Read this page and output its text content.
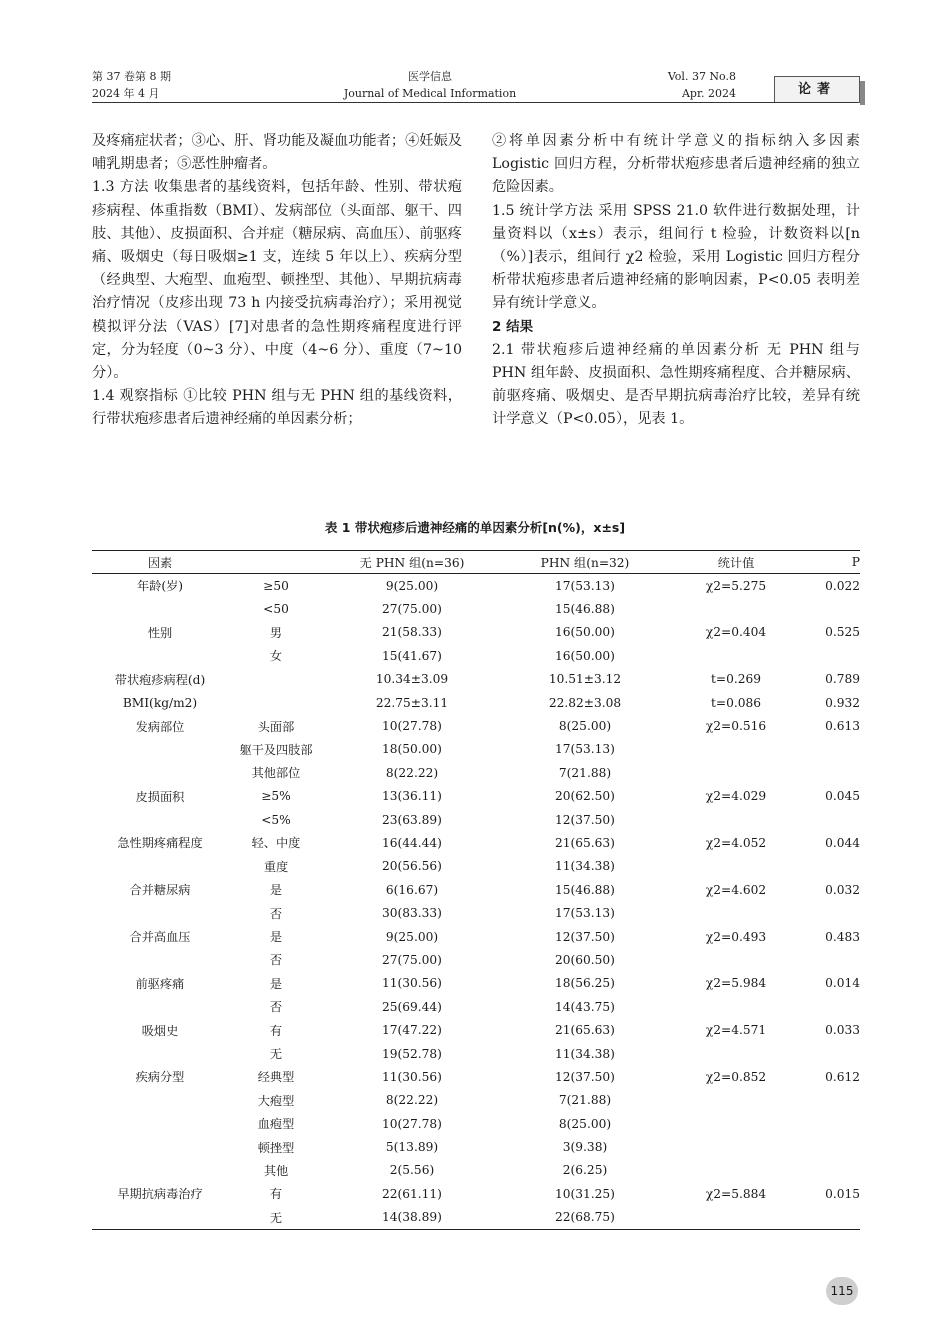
第 37 卷第 8 期
2024 年 4 月
医学信息
Journal of Medical Information
Vol. 37 No.8
Apr. 2024	论著

及疼痛症状者；③心、肝、肾功能及凝血功能者；④妊娠及哺乳期患者；⑤恶性肿瘤者。

1.3 方法 收集患者的基线资料，包括年龄、性别、带状疱疹病程、体重指数（BMI）、发病部位（头面部、躯干、四肢、其他）、皮损面积、合并症（糖尿病、高血压）、前驱疼痛、吸烟史（每日吸烟≥1 支，连续 5 年以上）、疾病分型（经典型、大疱型、血疱型、顿挫型、其他）、早期抗病毒治疗情况（皮疹出现 73 h 内接受抗病毒治疗）；采用视觉模拟评分法（VAS）[7]对患者的急性期疼痛程度进行评定，分为轻度（0~3 分）、中度（4~6 分）、重度（7~10 分）。

1.4 观察指标 ①比较 PHN 组与无 PHN 组的基线资料，行带状疱疹患者后遗神经痛的单因素分析；

②将单因素分析中有统计学意义的指标纳入多因素 Logistic 回归方程，分析带状疱疹患者后遗神经痛的独立危险因素。

1.5 统计学方法 采用 SPSS 21.0 软件进行数据处理，计量资料以（x±s）表示，组间行 t 检验，计数资料以[n（%）]表示，组间行 χ2 检验，采用 Logistic 回归方程分析带状疱疹患者后遗神经痛的影响因素，P<0.05 表明差异有统计学意义。

2 结果

2.1 带状疱疹后遗神经痛的单因素分析 无 PHN 组与 PHN 组年龄、皮损面积、急性期疼痛程度、合并糖尿病、前驱疼痛、吸烟史、是否早期抗病毒治疗比较，差异有统计学意义（P<0.05），见表 1。

表 1 带状疱疹后遗神经痛的单因素分析[n(%)，x±s]
因素		无 PHN 组(n=36)	PHN 组(n=32)	统计值	P
年龄(岁)	≥50	9(25.00)	17(53.13)	χ2=5.275	0.022
	<50	27(75.00)	15(46.88)		
性别	男	21(58.33)	16(50.00)	χ2=0.404	0.525
	女	15(41.67)	16(50.00)		
带状疱疹病程(d)		10.34±3.09	10.51±3.12	t=0.269	0.789
BMI(kg/m2)		22.75±3.11	22.82±3.08	t=0.086	0.932
发病部位	头面部	10(27.78)	8(25.00)	χ2=0.516	0.613
	躯干及四肢部	18(50.00)	17(53.13)		
	其他部位	8(22.22)	7(21.88)		
皮损面积	≥5%	13(36.11)	20(62.50)	χ2=4.029	0.045
	<5%	23(63.89)	12(37.50)		
急性期疼痛程度	轻、中度	16(44.44)	21(65.63)	χ2=4.052	0.044
	重度	20(56.56)	11(34.38)		
合并糖尿病	是	6(16.67)	15(46.88)	χ2=4.602	0.032
	否	30(83.33)	17(53.13)		
合并高血压	是	9(25.00)	12(37.50)	χ2=0.493	0.483
	否	27(75.00)	20(60.50)		
前驱疼痛	是	11(30.56)	18(56.25)	χ2=5.984	0.014
	否	25(69.44)	14(43.75)		
吸烟史	有	17(47.22)	21(65.63)	χ2=4.571	0.033
	无	19(52.78)	11(34.38)		
疾病分型	经典型	11(30.56)	12(37.50)	χ2=0.852	0.612
	大疱型	8(22.22)	7(21.88)		
	血疱型	10(27.78)	8(25.00)		
	顿挫型	5(13.89)	3(9.38)		
	其他	2(5.56)	2(6.25)		
早期抗病毒治疗	有	22(61.11)	10(31.25)	χ2=5.884	0.015
	无	14(38.89)	22(68.75)		
115
